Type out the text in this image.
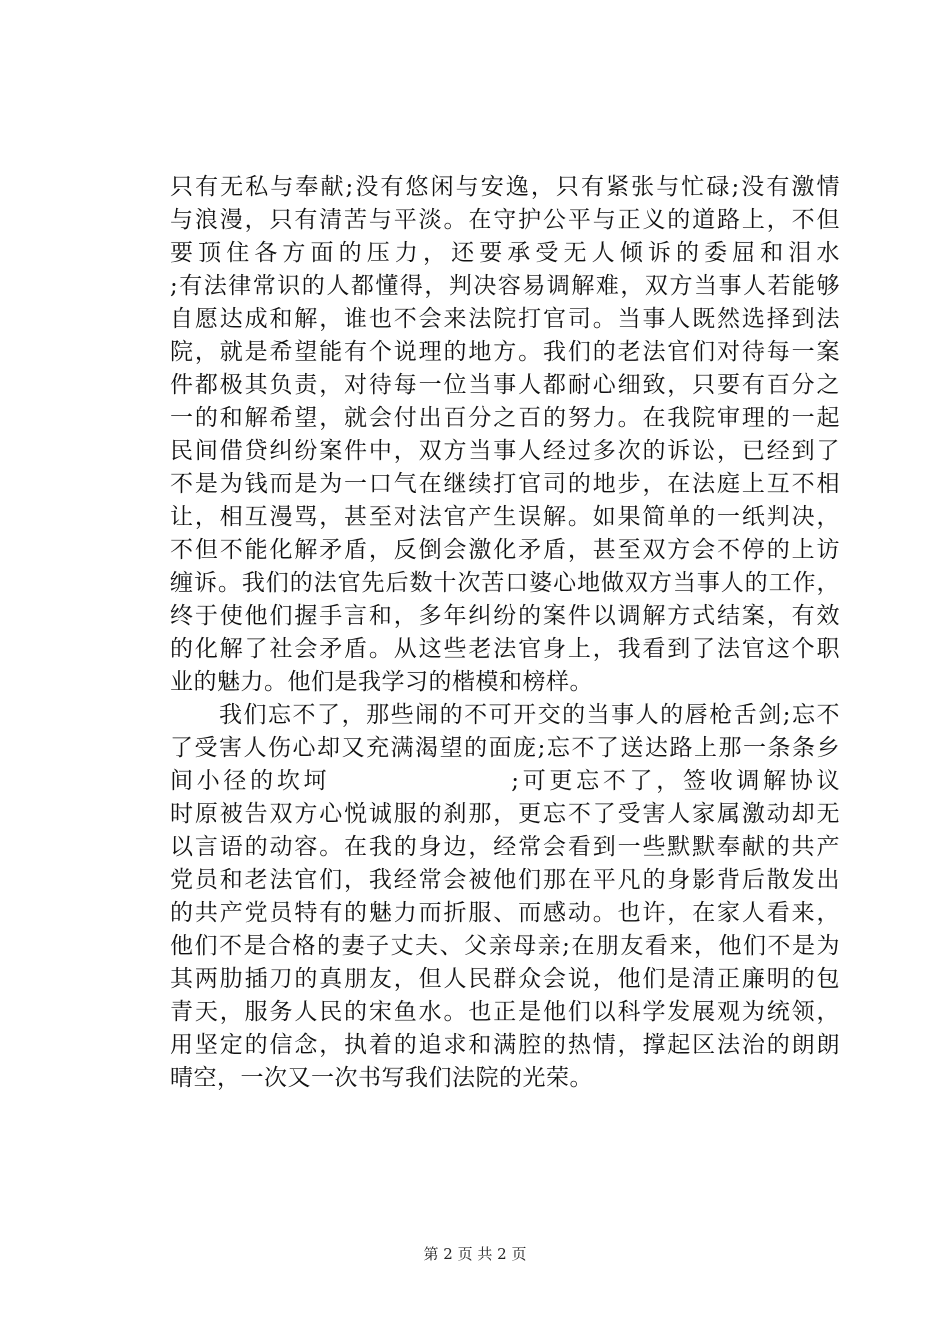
只有无私与奉献;没有悠闲与安逸，只有紧张与忙碌;没有激情
与浪漫，只有清苦与平淡。在守护公平与正义的道路上，不但
要顶住各方面的压力，还要承受无人倾诉的委屈和泪水
;有法律常识的人都懂得，判决容易调解难，双方当事人若能够
自愿达成和解，谁也不会来法院打官司。当事人既然选择到法
院，就是希望能有个说理的地方。我们的老法官们对待每一案
件都极其负责，对待每一位当事人都耐心细致，只要有百分之
一的和解希望，就会付出百分之百的努力。在我院审理的一起
民间借贷纠纷案件中，双方当事人经过多次的诉讼，已经到了
不是为钱而是为一口气在继续打官司的地步，在法庭上互不相
让，相互漫骂，甚至对法官产生误解。如果简单的一纸判决，
不但不能化解矛盾，反倒会激化矛盾，甚至双方会不停的上访
缠诉。我们的法官先后数十次苦口婆心地做双方当事人的工作，
终于使他们握手言和，多年纠纷的案件以调解方式结案，有效
的化解了社会矛盾。从这些老法官身上，我看到了法官这个职
业的魅力。他们是我学习的楷模和榜样。
　　我们忘不了，那些闹的不可开交的当事人的唇枪舌剑;忘不
了受害人伤心却又充满渴望的面庞;忘不了送达路上那一条条乡
间小径的坎坷 ;可更忘不了，签收调解协议
时原被告双方心悦诚服的刹那，更忘不了受害人家属激动却无
以言语的动容。在我的身边，经常会看到一些默默奉献的共产
党员和老法官们，我经常会被他们那在平凡的身影背后散发出
的共产党员特有的魅力而折服、而感动。也许，在家人看来，
他们不是合格的妻子丈夫、父亲母亲;在朋友看来，他们不是为
其两肋插刀的真朋友，但人民群众会说，他们是清正廉明的包
青天，服务人民的宋鱼水。也正是他们以科学发展观为统领，
用坚定的信念，执着的追求和满腔的热情，撑起区法治的朗朗
晴空，一次又一次书写我们法院的光荣。
第 2 页 共 2 页
